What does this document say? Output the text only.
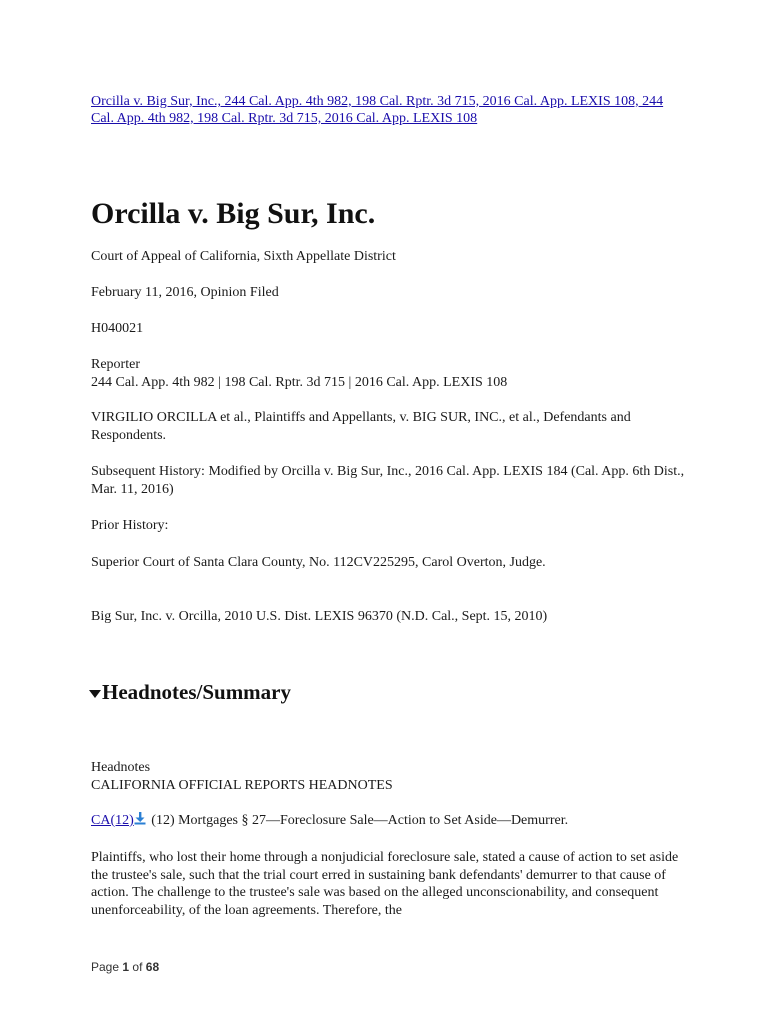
Orcilla v. Big Sur, Inc., 244 Cal. App. 4th 982, 198 Cal. Rptr. 3d 715, 2016 Cal. App. LEXIS 108, 244 Cal. App. 4th 982, 198 Cal. Rptr. 3d 715, 2016 Cal. App. LEXIS 108
Orcilla v. Big Sur, Inc.

Court of Appeal of California, Sixth Appellate District

February 11, 2016, Opinion Filed

H040021

Reporter
244 Cal. App. 4th 982 | 198 Cal. Rptr. 3d 715 | 2016 Cal. App. LEXIS 108

VIRGILIO ORCILLA et al., Plaintiffs and Appellants, v. BIG SUR, INC., et al., Defendants and Respondents.

Subsequent History: Modified by Orcilla v. Big Sur, Inc., 2016 Cal. App. LEXIS 184 (Cal. App. 6th Dist., Mar. 11, 2016)

Prior History:

Superior Court of Santa Clara County, No. 112CV225295, Carol Overton, Judge.

Big Sur, Inc. v. Orcilla, 2010 U.S. Dist. LEXIS 96370 (N.D. Cal., Sept. 15, 2010)

Headnotes/Summary
Headnotes
CALIFORNIA OFFICIAL REPORTS HEADNOTES

CA(12) (12) Mortgages § 27—Foreclosure Sale—Action to Set Aside—Demurrer.

Plaintiffs, who lost their home through a nonjudicial foreclosure sale, stated a cause of action to set aside the trustee's sale, such that the trial court erred in sustaining bank defendants' demurrer to that cause of action. The challenge to the trustee's sale was based on the alleged unconscionability, and consequent unenforceability, of the loan agreements. Therefore, the

Page 1 of 68
